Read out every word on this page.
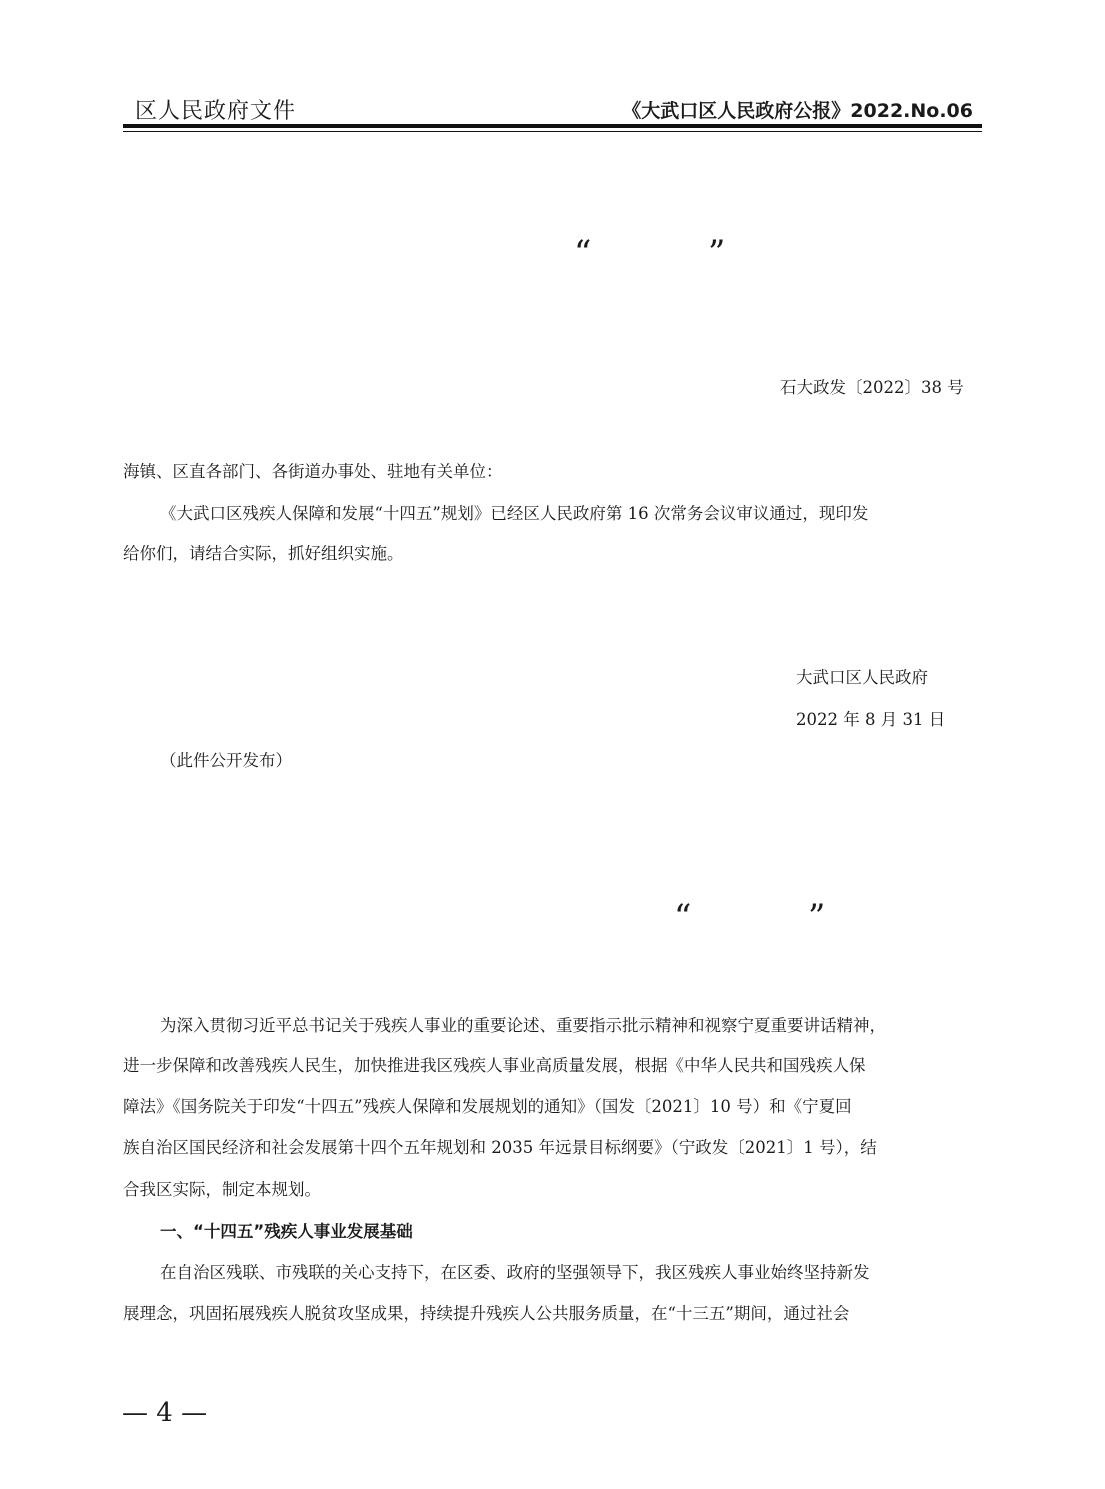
区人民政府文件	《大武口区人民政府公报》2022.No.06
“	”
石大政发〔2022〕38 号
海镇、区直各部门、各街道办事处、驻地有关单位：
《大武口区残疾人保障和发展“十四五”规划》已经区人民政府第 16 次常务会议审议通过，现印发
给你们，请结合实际，抓好组织实施。
大武口区人民政府
2022 年 8 月 31 日
（此件公开发布）
“	”
为深入贯彻习近平总书记关于残疾人事业的重要论述、重要指示批示精神和视察宁夏重要讲话精神，
进一步保障和改善残疾人民生，加快推进我区残疾人事业高质量发展，根据《中华人民共和国残疾人保
障法》《国务院关于印发“十四五”残疾人保障和发展规划的通知》（国发〔2021〕10 号）和《宁夏回
族自治区国民经济和社会发展第十四个五年规划和 2035 年远景目标纲要》（宁政发〔2021〕1 号），结
合我区实际，制定本规划。
一、“十四五”残疾人事业发展基础
在自治区残联、市残联的关心支持下，在区委、政府的坚强领导下，我区残疾人事业始终坚持新发
展理念，巩固拓展残疾人脱贫攻坚成果，持续提升残疾人公共服务质量，在“十三五”期间，通过社会
— 4 —
